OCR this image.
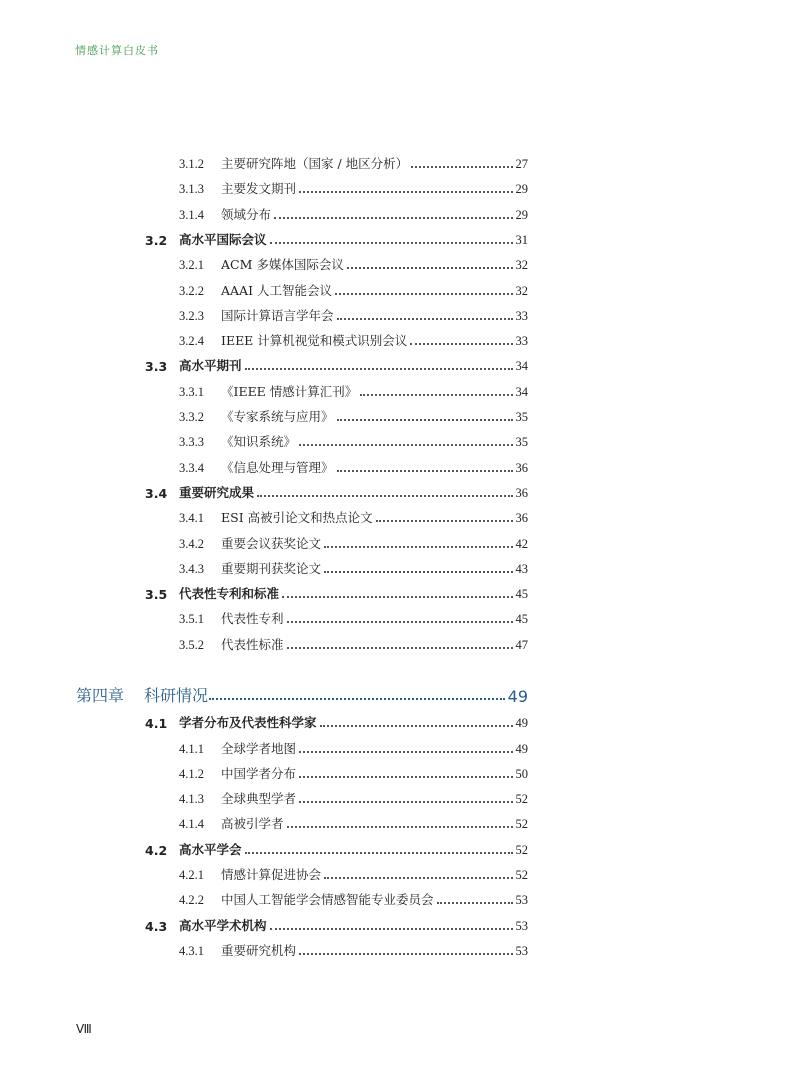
情感计算白皮书
3.1.2	主要研究阵地（国家 / 地区分析）	27
3.1.3	主要发文期刊	29
3.1.4	领域分布	29
3.2 高水平国际会议	31
3.2.1	ACM 多媒体国际会议	32
3.2.2	AAAI 人工智能会议	32
3.2.3	国际计算语言学年会	33
3.2.4	IEEE 计算机视觉和模式识别会议	33
3.3 高水平期刊	34
3.3.1	《IEEE 情感计算汇刊》	34
3.3.2	《专家系统与应用》	35
3.3.3	《知识系统》	35
3.3.4	《信息处理与管理》	36
3.4 重要研究成果	36
3.4.1	ESI 高被引论文和热点论文	36
3.4.2	重要会议获奖论文	42
3.4.3	重要期刊获奖论文	43
3.5 代表性专利和标准	45
3.5.1	代表性专利	45
3.5.2	代表性标准	47
第四章	科研情况	49
4.1 学者分布及代表性科学家	49
4.1.1	全球学者地图	49
4.1.2	中国学者分布	50
4.1.3	全球典型学者	52
4.1.4	高被引学者	52
4.2 高水平学会	52
4.2.1	情感计算促进协会	52
4.2.2	中国人工智能学会情感智能专业委员会	53
4.3 高水平学术机构	53
4.3.1	重要研究机构	53
Ⅷ
